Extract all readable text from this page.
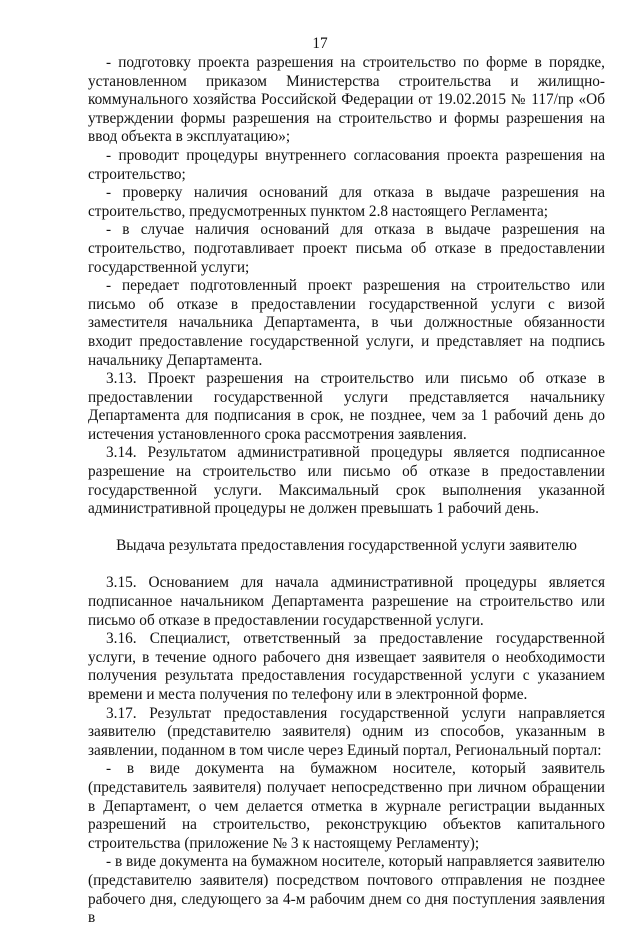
17

- подготовку проекта разрешения на строительство по форме в порядке, установленном приказом Министерства строительства и жилищно-коммунального хозяйства Российской Федерации от 19.02.2015 № 117/пр «Об утверждении формы разрешения на строительство и формы разрешения на ввод объекта в эксплуатацию»;

- проводит процедуры внутреннего согласования проекта разрешения на строительство;

- проверку наличия оснований для отказа в выдаче разрешения на строительство, предусмотренных пунктом 2.8 настоящего Регламента;

- в случае наличия оснований для отказа в выдаче разрешения на строительство, подготавливает проект письма об отказе в предоставлении государственной услуги;

- передает подготовленный проект разрешения на строительство или письмо об отказе в предоставлении государственной услуги с визой заместителя начальника Департамента, в чьи должностные обязанности входит предоставление государственной услуги, и представляет на подпись начальнику Департамента.

3.13. Проект разрешения на строительство или письмо об отказе в предоставлении государственной услуги представляется начальнику Департамента для подписания в срок, не позднее, чем за 1 рабочий день до истечения установленного срока рассмотрения заявления.

3.14. Результатом административной процедуры является подписанное разрешение на строительство или письмо об отказе в предоставлении государственной услуги. Максимальный срок выполнения указанной административной процедуры не должен превышать 1 рабочий день.

Выдача результата предоставления государственной услуги заявителю

3.15. Основанием для начала административной процедуры является подписанное начальником Департамента разрешение на строительство или письмо об отказе в предоставлении государственной услуги.

3.16. Специалист, ответственный за предоставление государственной услуги, в течение одного рабочего дня извещает заявителя о необходимости получения результата предоставления государственной услуги с указанием времени и места получения по телефону или в электронной форме.

3.17. Результат предоставления государственной услуги направляется заявителю (представителю заявителя) одним из способов, указанным в заявлении, поданном в том числе через Единый портал, Региональный портал:

- в виде документа на бумажном носителе, который заявитель (представитель заявителя) получает непосредственно при личном обращении в Департамент, о чем делается отметка в журнале регистрации выданных разрешений на строительство, реконструкцию объектов капитального строительства (приложение № 3 к настоящему Регламенту);

- в виде документа на бумажном носителе, который направляется заявителю (представителю заявителя) посредством почтового отправления не позднее рабочего дня, следующего за 4-м рабочим днем со дня поступления заявления в
